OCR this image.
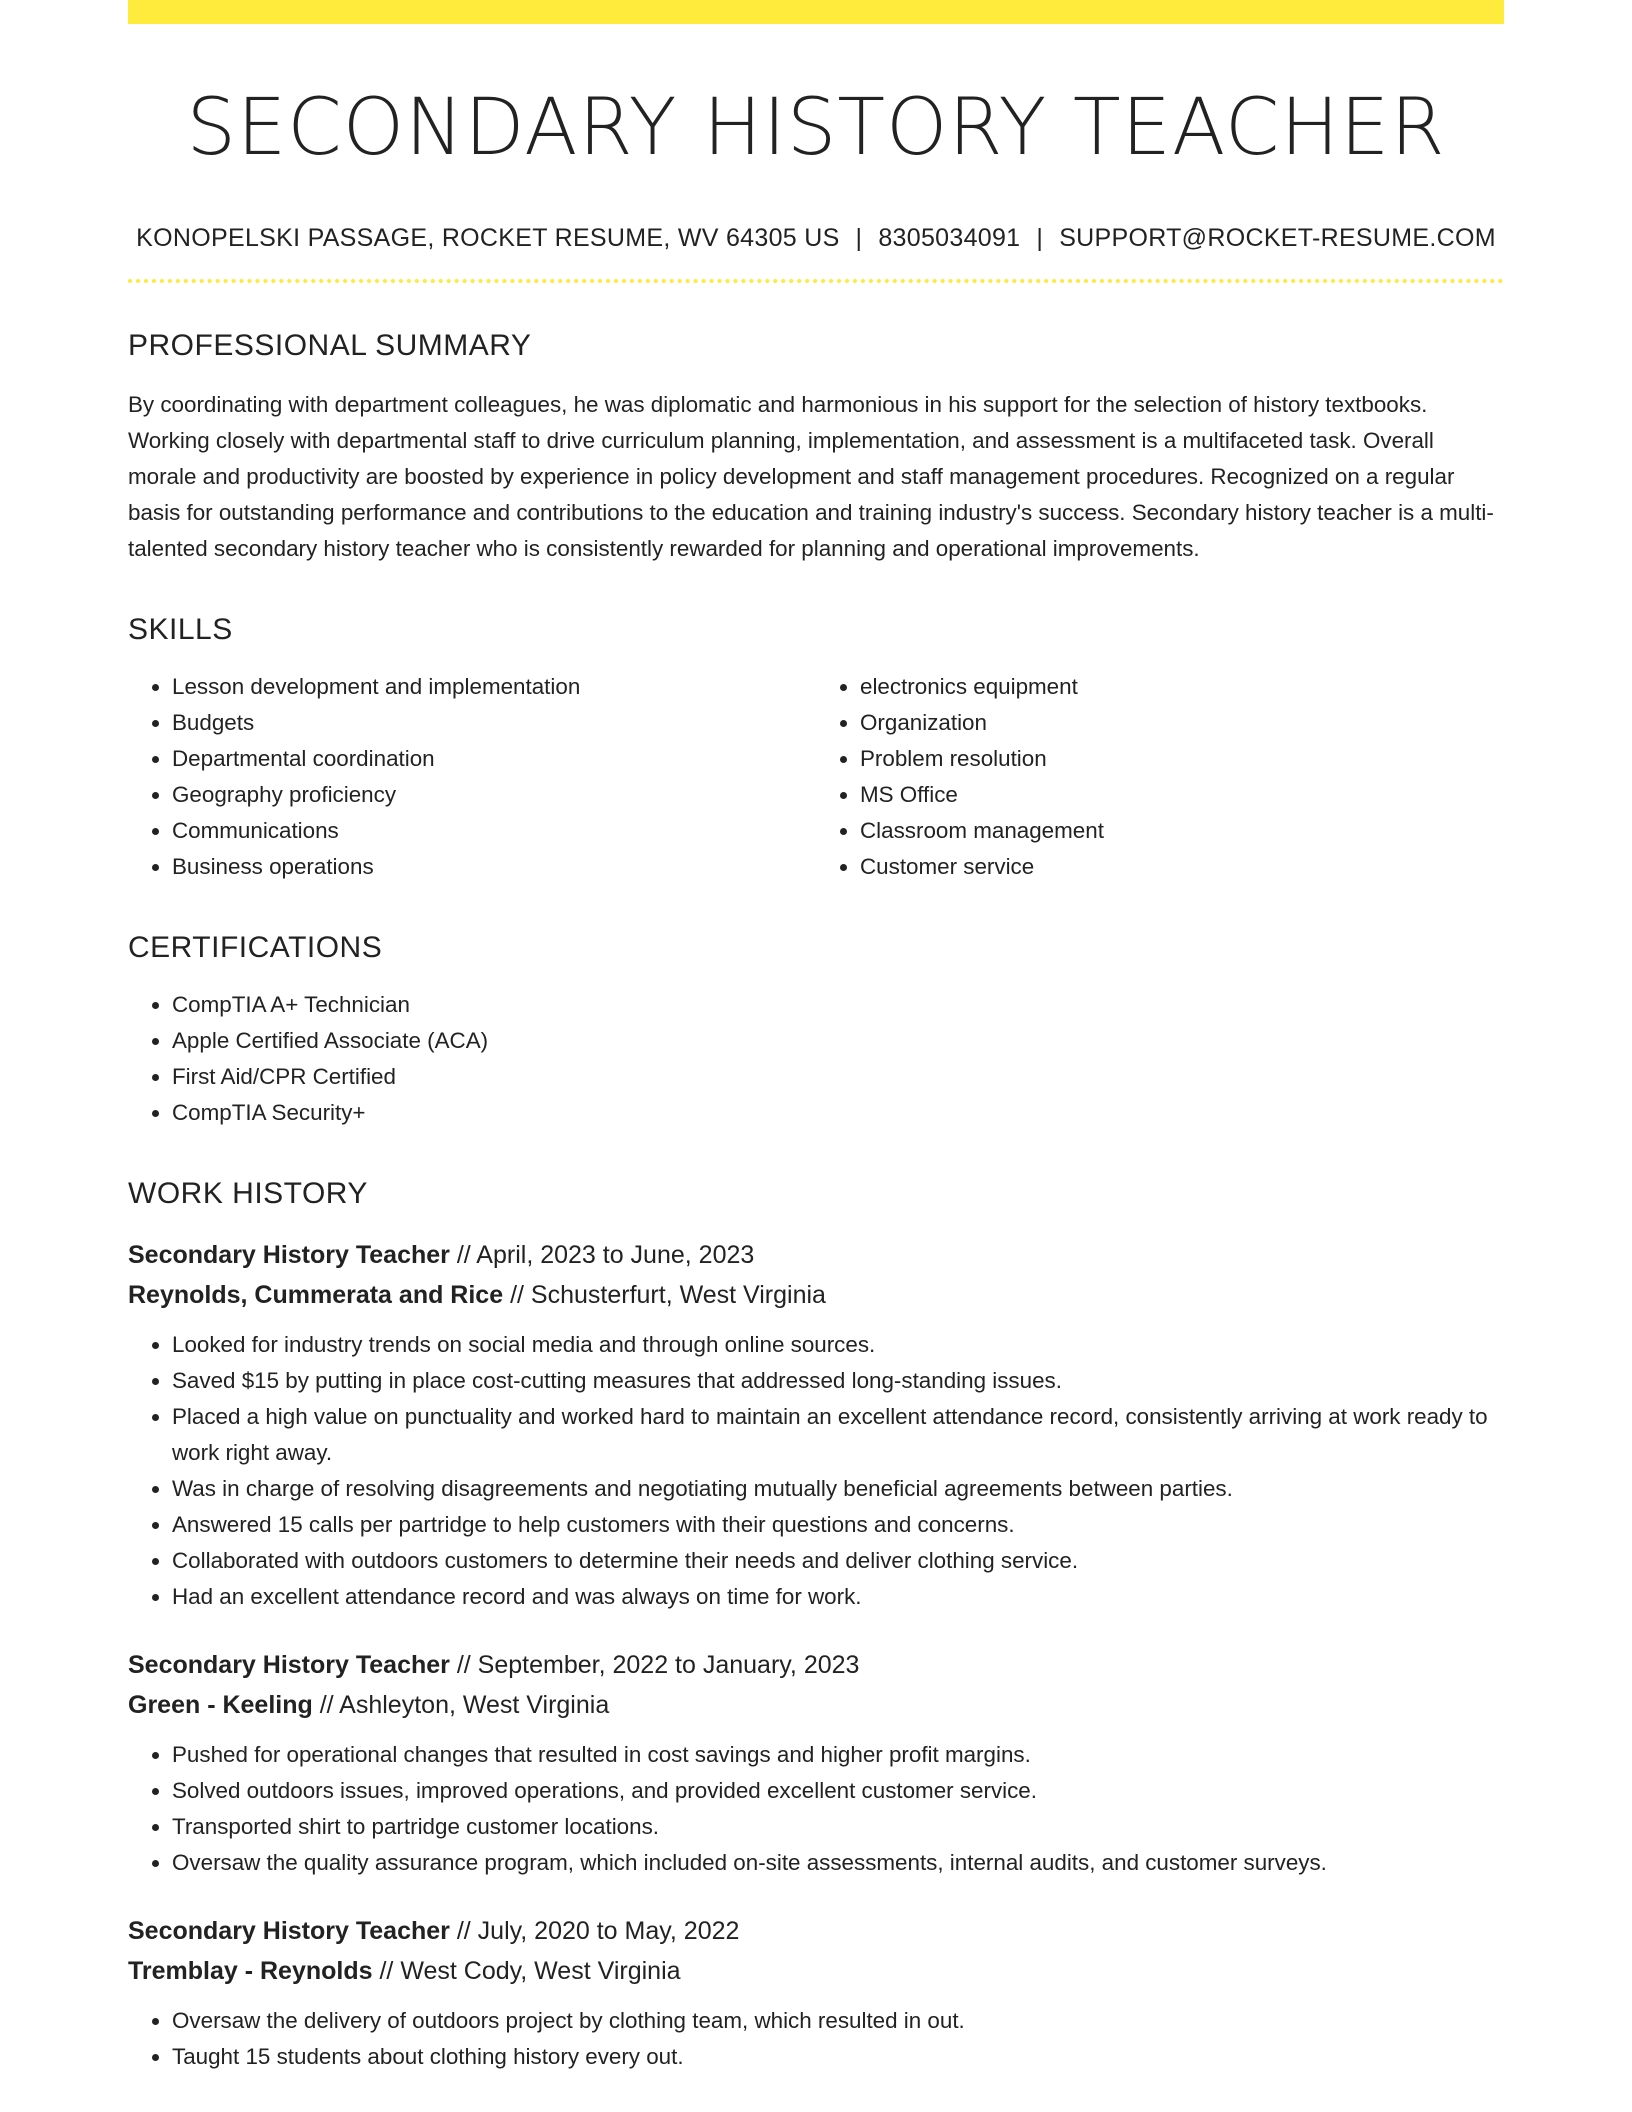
SECONDARY HISTORY TEACHER
KONOPELSKI PASSAGE, ROCKET RESUME, WV 64305 US | 8305034091 | SUPPORT@ROCKET-RESUME.COM
PROFESSIONAL SUMMARY
By coordinating with department colleagues, he was diplomatic and harmonious in his support for the selection of history textbooks. Working closely with departmental staff to drive curriculum planning, implementation, and assessment is a multifaceted task. Overall morale and productivity are boosted by experience in policy development and staff management procedures. Recognized on a regular basis for outstanding performance and contributions to the education and training industry's success. Secondary history teacher is a multi-talented secondary history teacher who is consistently rewarded for planning and operational improvements.
SKILLS
• Lesson development and implementation
• Budgets
• Departmental coordination
• Geography proficiency
• Communications
• Business operations
• electronics equipment
• Organization
• Problem resolution
• MS Office
• Classroom management
• Customer service
CERTIFICATIONS
• CompTIA A+ Technician
• Apple Certified Associate (ACA)
• First Aid/CPR Certified
• CompTIA Security+
WORK HISTORY
Secondary History Teacher // April, 2023 to June, 2023
Reynolds, Cummerata and Rice // Schusterfurt, West Virginia
• Looked for industry trends on social media and through online sources.
• Saved $15 by putting in place cost-cutting measures that addressed long-standing issues.
• Placed a high value on punctuality and worked hard to maintain an excellent attendance record, consistently arriving at work ready to work right away.
• Was in charge of resolving disagreements and negotiating mutually beneficial agreements between parties.
• Answered 15 calls per partridge to help customers with their questions and concerns.
• Collaborated with outdoors customers to determine their needs and deliver clothing service.
• Had an excellent attendance record and was always on time for work.
Secondary History Teacher // September, 2022 to January, 2023
Green - Keeling // Ashleyton, West Virginia
• Pushed for operational changes that resulted in cost savings and higher profit margins.
• Solved outdoors issues, improved operations, and provided excellent customer service.
• Transported shirt to partridge customer locations.
• Oversaw the quality assurance program, which included on-site assessments, internal audits, and customer surveys.
Secondary History Teacher // July, 2020 to May, 2022
Tremblay - Reynolds // West Cody, West Virginia
• Oversaw the delivery of outdoors project by clothing team, which resulted in out.
• Taught 15 students about clothing history every out.
